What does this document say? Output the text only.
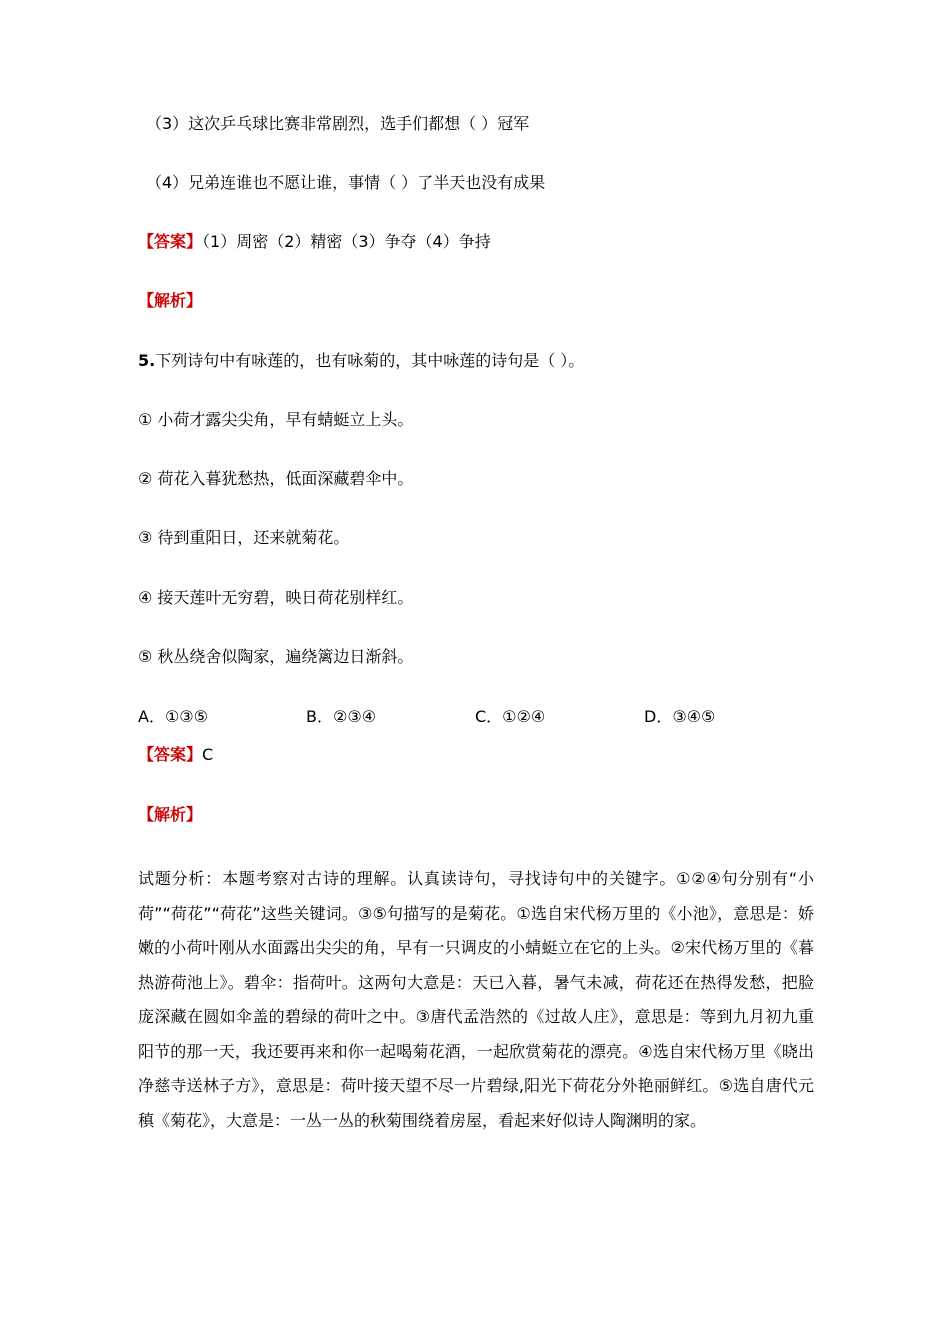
（3）这次乒乓球比赛非常剧烈，选手们都想（ ）冠军
（4）兄弟连谁也不愿让谁，事情（ ）了半天也没有成果
【答案】（1）周密（2）精密（3）争夺（4）争持
【解析】
5.下列诗句中有咏莲的，也有咏菊的，其中咏莲的诗句是（ ）。
① 小荷才露尖尖角，早有蜻蜓立上头。
② 荷花入暮犹愁热，低面深藏碧伞中。
③ 待到重阳日，还来就菊花。
④ 接天莲叶无穷碧，映日荷花别样红。
⑤ 秋丛绕舍似陶家，遍绕篱边日渐斜。
A．①③⑤	B．②③④	C．①②④	D．③④⑤
【答案】C
【解析】

试题分析：本题考察对古诗的理解。认真读诗句，寻找诗句中的关键字。①②④句分别有“小荷”“荷花”“荷花”这些关键词。③⑤句描写的是菊花。①选自宋代杨万里的《小池》，意思是：娇嫩的小荷叶刚从水面露出尖尖的角，早有一只调皮的小蜻蜓立在它的上头。②宋代杨万里的《暮热游荷池上》。碧伞：指荷叶。这两句大意是：天已入暮，暑气未减，荷花还在热得发愁，把脸庞深藏在圆如伞盖的碧绿的荷叶之中。③唐代孟浩然的《过故人庄》，意思是：等到九月初九重阳节的那一天，我还要再来和你一起喝菊花酒，一起欣赏菊花的漂亮。④选自宋代杨万里《晓出净慈寺送林子方》，意思是：荷叶接天望不尽一片碧绿,阳光下荷花分外艳丽鲜红。⑤选自唐代元稹《菊花》，大意是：一丛一丛的秋菊围绕着房屋，看起来好似诗人陶渊明的家。
